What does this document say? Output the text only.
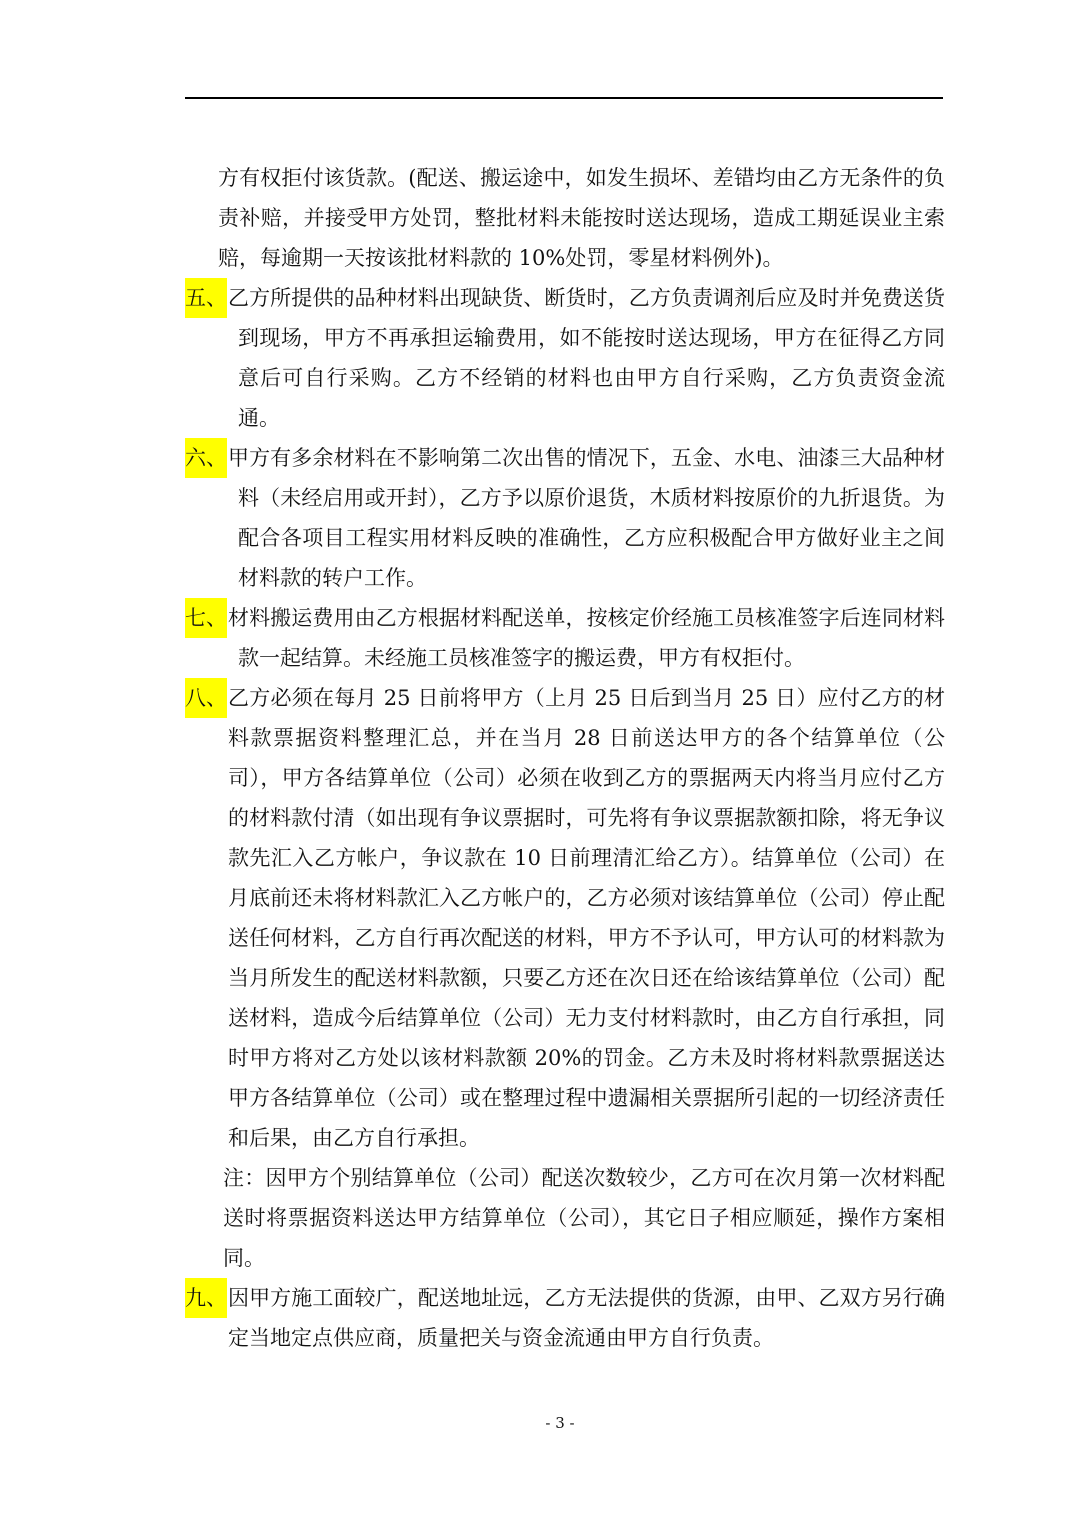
方有权拒付该货款。(配送、搬运途中，如发生损坏、差错均由乙方无条件的负责补赔，并接受甲方处罚，整批材料未能按时送达现场，造成工期延误业主索赔，每逾期一天按该批材料款的 10%处罚，零星材料例外)。

五、 乙方所提供的品种材料出现缺货、断货时，乙方负责调剂后应及时并免费送货到现场，甲方不再承担运输费用，如不能按时送达现场，甲方在征得乙方同意后可自行采购。乙方不经销的材料也由甲方自行采购，乙方负责资金流通。

六、 甲方有多余材料在不影响第二次出售的情况下，五金、水电、油漆三大品种材料（未经启用或开封），乙方予以原价退货，木质材料按原价的九折退货。为配合各项目工程实用材料反映的准确性，乙方应积极配合甲方做好业主之间材料款的转户工作。

七、 材料搬运费用由乙方根据材料配送单，按核定价经施工员核准签字后连同材料款一起结算。未经施工员核准签字的搬运费，甲方有权拒付。

八、 乙方必须在每月 25 日前将甲方（上月 25 日后到当月 25 日）应付乙方的材料款票据资料整理汇总，并在当月 28 日前送达甲方的各个结算单位（公司），甲方各结算单位（公司）必须在收到乙方的票据两天内将当月应付乙方的材料款付清（如出现有争议票据时，可先将有争议票据款额扣除，将无争议款先汇入乙方帐户，争议款在 10 日前理清汇给乙方）。结算单位（公司）在月底前还未将材料款汇入乙方帐户的，乙方必须对该结算单位（公司）停止配送任何材料，乙方自行再次配送的材料，甲方不予认可，甲方认可的材料款为当月所发生的配送材料款额，只要乙方还在次日还在给该结算单位（公司）配送材料，造成今后结算单位（公司）无力支付材料款时，由乙方自行承担，同时甲方将对乙方处以该材料款额 20%的罚金。乙方未及时将材料款票据送达甲方各结算单位（公司）或在整理过程中遗漏相关票据所引起的一切经济责任和后果，由乙方自行承担。

注：因甲方个别结算单位（公司）配送次数较少，乙方可在次月第一次材料配送时将票据资料送达甲方结算单位（公司），其它日子相应顺延，操作方案相同。

九、 因甲方施工面较广，配送地址远，乙方无法提供的货源，由甲、乙双方另行确定当地定点供应商，质量把关与资金流通由甲方自行负责。

- 3 -
